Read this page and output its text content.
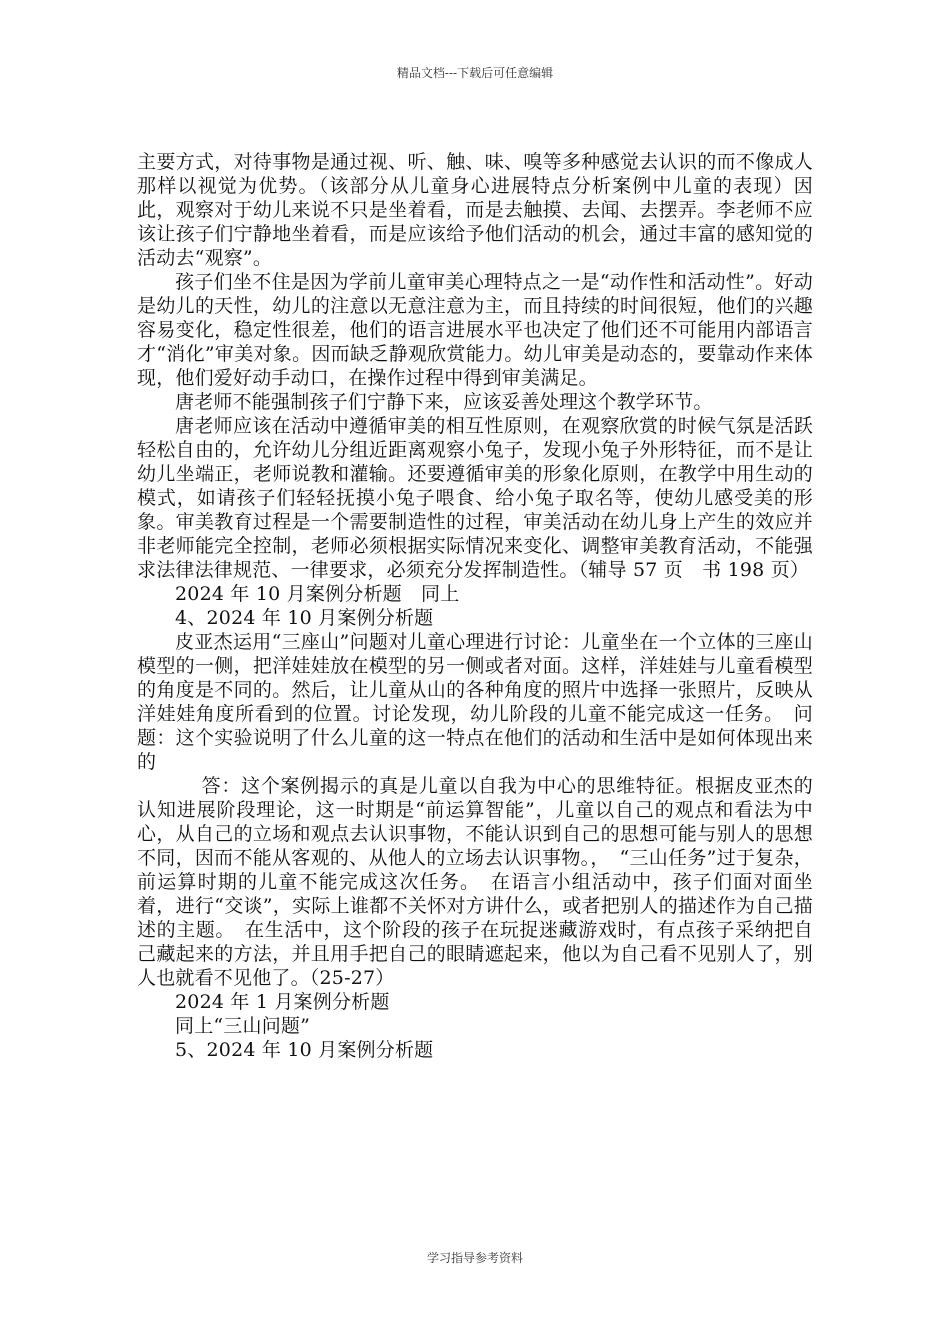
精品文档---下载后可任意编辑

主要方式，对待事物是通过视、听、触、味、嗅等多种感觉去认识的而不像成人那样以视觉为优势。（该部分从儿童身心进展特点分析案例中儿童的表现）因此，观察对于幼儿来说不只是坐着看，而是去触摸、去闻、去摆弄。李老师不应该让孩子们宁静地坐着看，而是应该给予他们活动的机会，通过丰富的感知觉的活动去“观察”。

孩子们坐不住是因为学前儿童审美心理特点之一是“动作性和活动性”。好动是幼儿的天性，幼儿的注意以无意注意为主，而且持续的时间很短，他们的兴趣容易变化，稳定性很差，他们的语言进展水平也决定了他们还不可能用内部语言才“消化”审美对象。因而缺乏静观欣赏能力。幼儿审美是动态的，要靠动作来体现，他们爱好动手动口，在操作过程中得到审美满足。

唐老师不能强制孩子们宁静下来，应该妥善处理这个教学环节。

唐老师应该在活动中遵循审美的相互性原则，在观察欣赏的时候气氛是活跃轻松自由的，允许幼儿分组近距离观察小兔子，发现小兔子外形特征，而不是让幼儿坐端正，老师说教和灌输。还要遵循审美的形象化原则，在教学中用生动的模式，如请孩子们轻轻抚摸小兔子喂食、给小兔子取名等，使幼儿感受美的形象。审美教育过程是一个需要制造性的过程，审美活动在幼儿身上产生的效应并非老师能完全控制，老师必须根据实际情况来变化、调整审美教育活动，不能强求法律法律规范、一律要求，必须充分发挥制造性。（辅导 57 页　书 198 页）

2024 年 10 月案例分析题　同上

4、2024 年 10 月案例分析题

皮亚杰运用“三座山”问题对儿童心理进行讨论：儿童坐在一个立体的三座山模型的一侧，把洋娃娃放在模型的另一侧或者对面。这样，洋娃娃与儿童看模型的角度是不同的。然后，让儿童从山的各种角度的照片中选择一张照片，反映从洋娃娃角度所看到的位置。讨论发现，幼儿阶段的儿童不能完成这一任务。　问题：这个实验说明了什么儿童的这一特点在他们的活动和生活中是如何体现出来的

答：这个案例揭示的真是儿童以自我为中心的思维特征。根据皮亚杰的认知进展阶段理论，这一时期是“前运算智能”，儿童以自己的观点和看法为中心，从自己的立场和观点去认识事物，不能认识到自己的思想可能与别人的思想不同，因而不能从客观的、从他人的立场去认识事物。，　“三山任务”过于复杂，前运算时期的儿童不能完成这次任务。　在语言小组活动中，孩子们面对面坐着，进行“交谈”，实际上谁都不关怀对方讲什么，或者把别人的描述作为自己描述的主题。　在生活中，这个阶段的孩子在玩捉迷藏游戏时，有点孩子采纳把自己藏起来的方法，并且用手把自己的眼睛遮起来，他以为自己看不见别人了，别人也就看不见他了。（25-27）

2024 年 1 月案例分析题

同上“三山问题”

5、2024 年 10 月案例分析题

学习指导参考资料
